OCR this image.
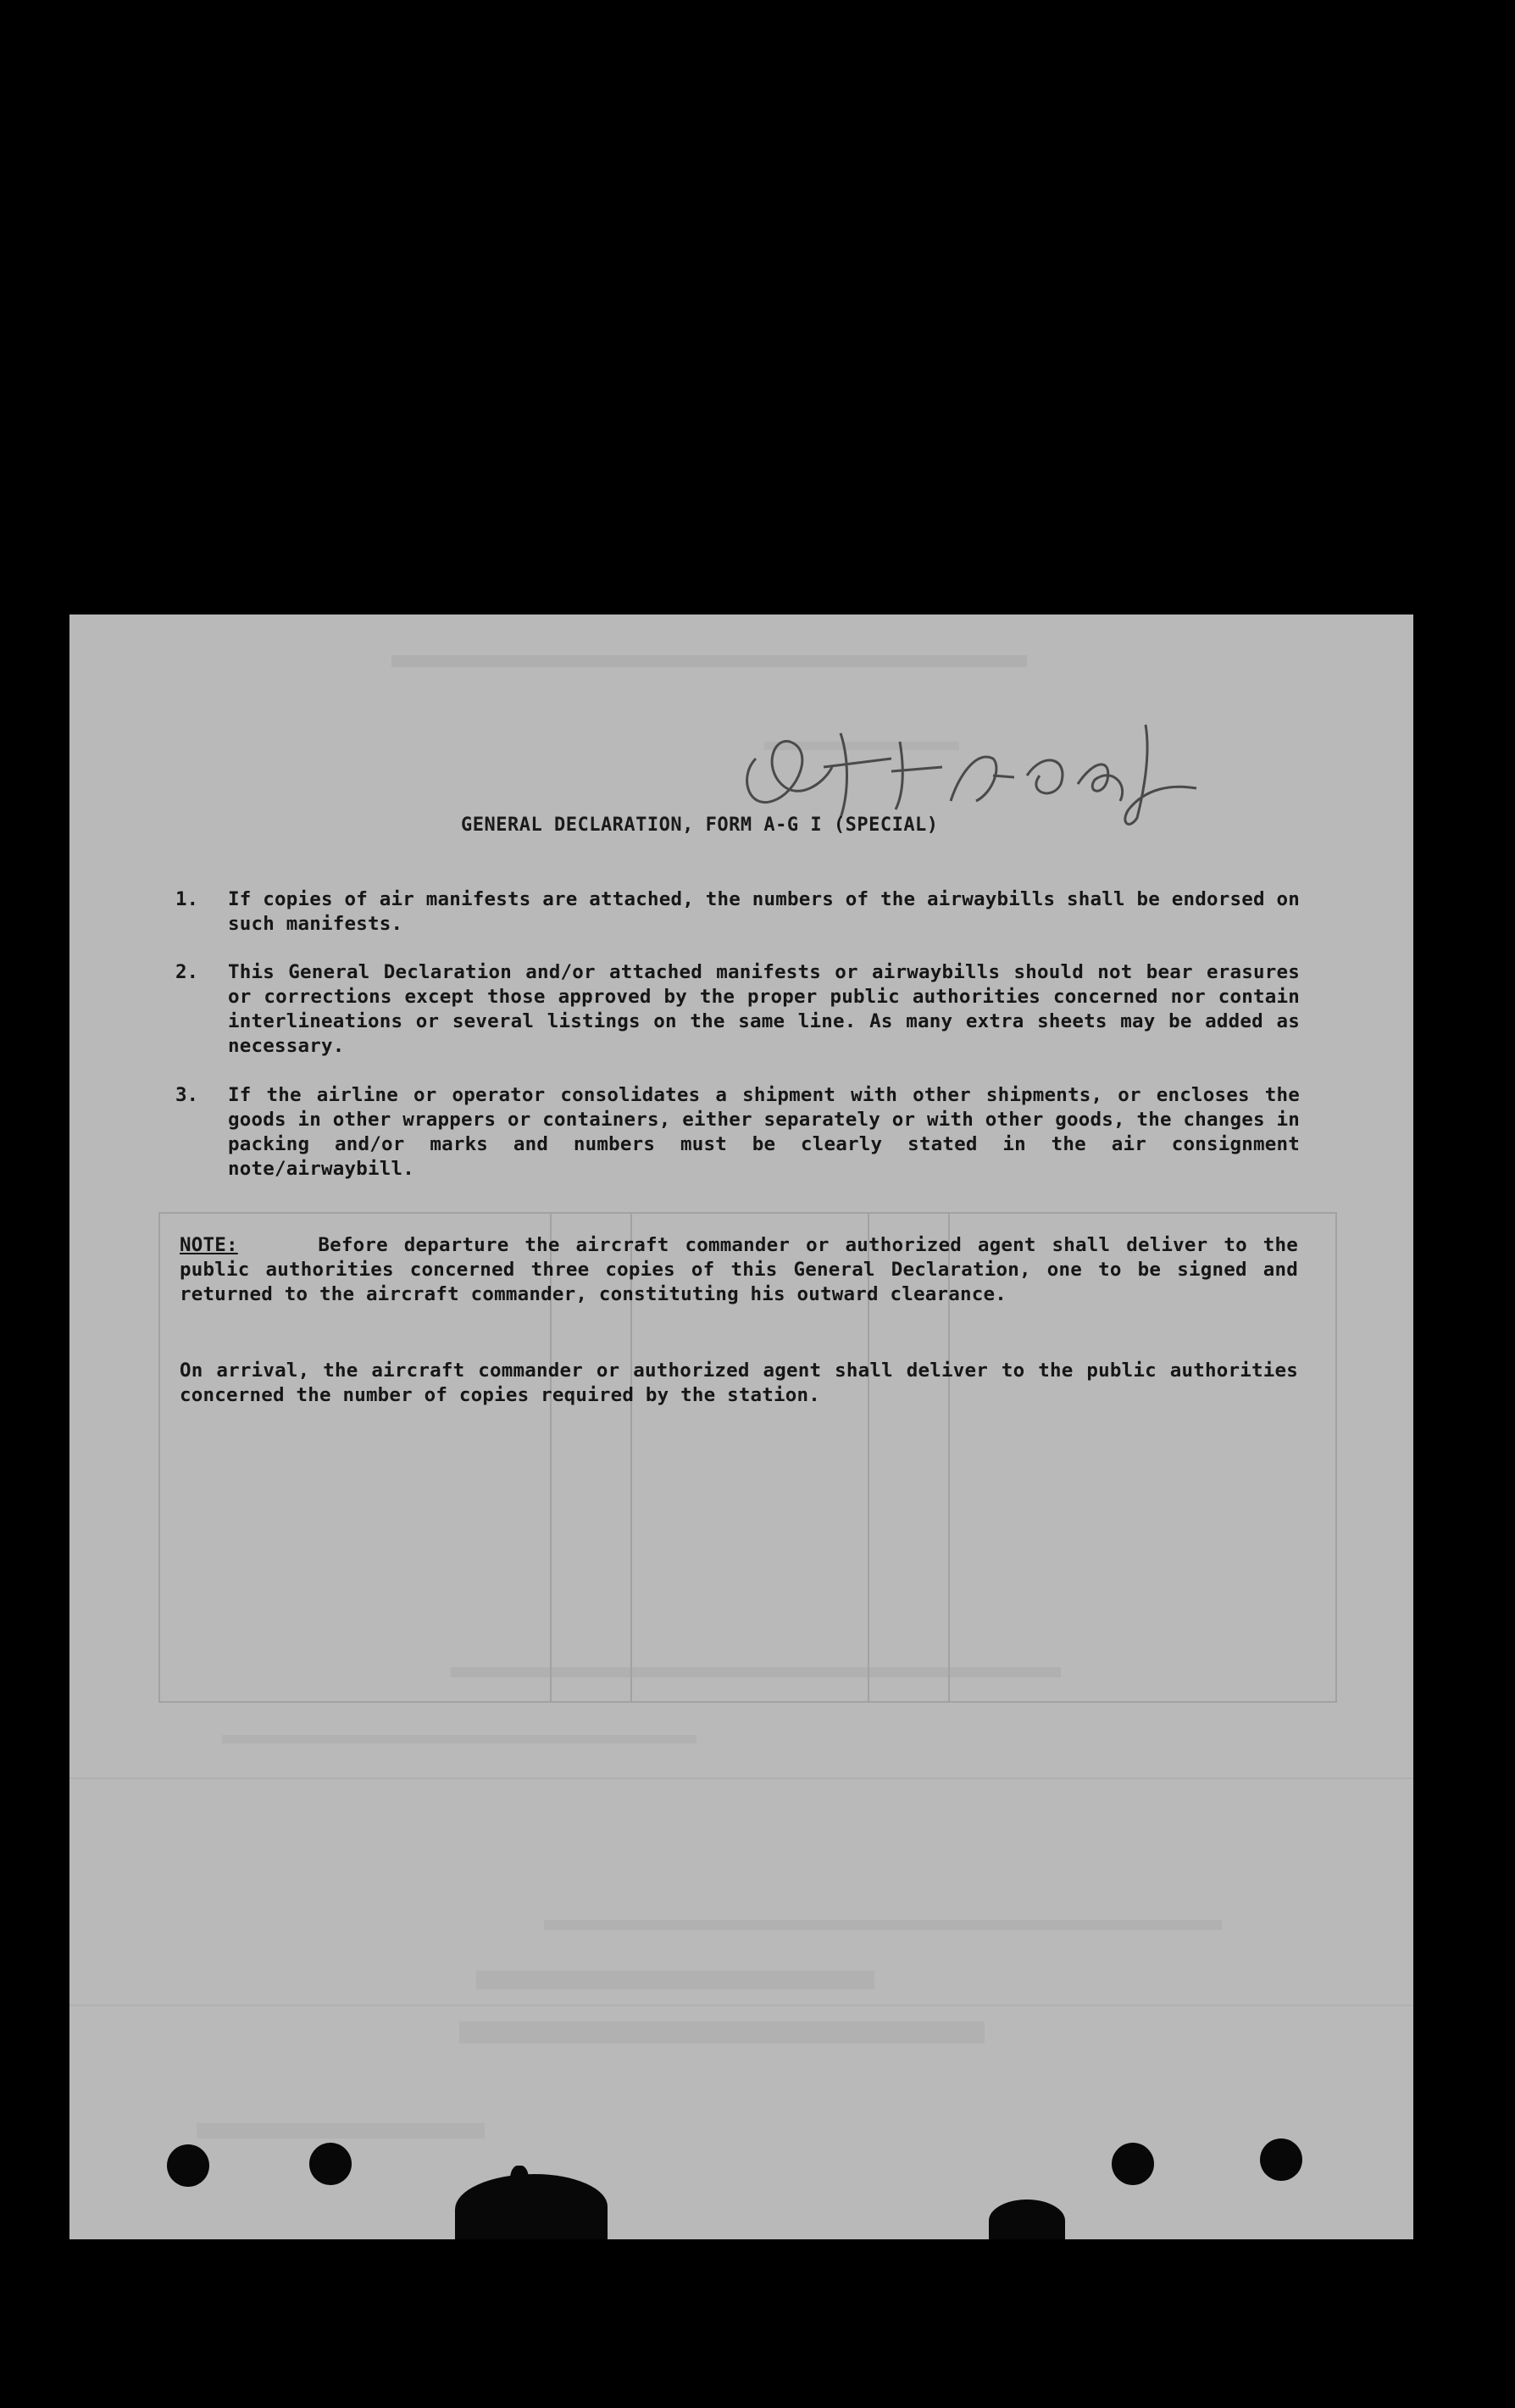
GENERAL DECLARATION, FORM A-G I (SPECIAL)
1. If copies of air manifests are attached, the numbers of the airwaybills shall be endorsed on such manifests.
2. This General Declaration and/or attached manifests or airwaybills should not bear erasures or corrections except those approved by the proper public authorities concerned nor contain interlineations or several listings on the same line. As many extra sheets may be added as necessary.
3. If the airline or operator consolidates a shipment with other shipments, or encloses the goods in other wrappers or containers, either separately or with other goods, the changes in packing and/or marks and numbers must be clearly stated in the air consignment note/airwaybill.
NOTE:	Before departure the aircraft commander or authorized agent shall deliver to the public authorities concerned three copies of this General Declaration, one to be signed and returned to the aircraft commander, constituting his outward clearance.
On arrival, the aircraft commander or authorized agent shall deliver to the public authorities concerned the number of copies required by the station.
